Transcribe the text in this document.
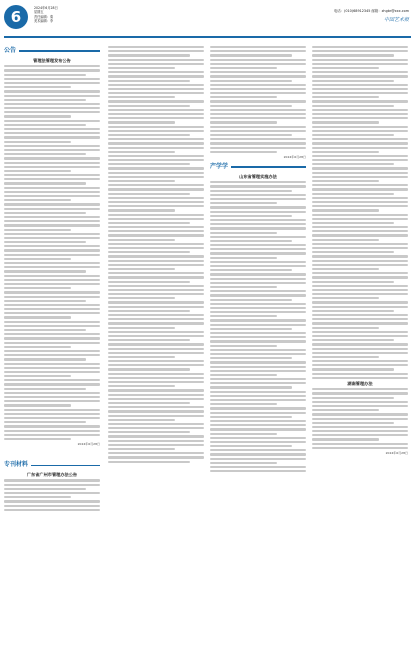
6	2024年6月28日
星期五
责任编辑：秦
美术编辑：李
电话：(010)68912345 邮箱：zhgbr@xxx.com
中国艺术报
公告
管理法管理发布公告
2024年6月28日
专刊材料
广东省广州市管理办法公告
2024年6月28日
产学学
山东省管理实施办法
湖南管理办法
2024年6月28日
